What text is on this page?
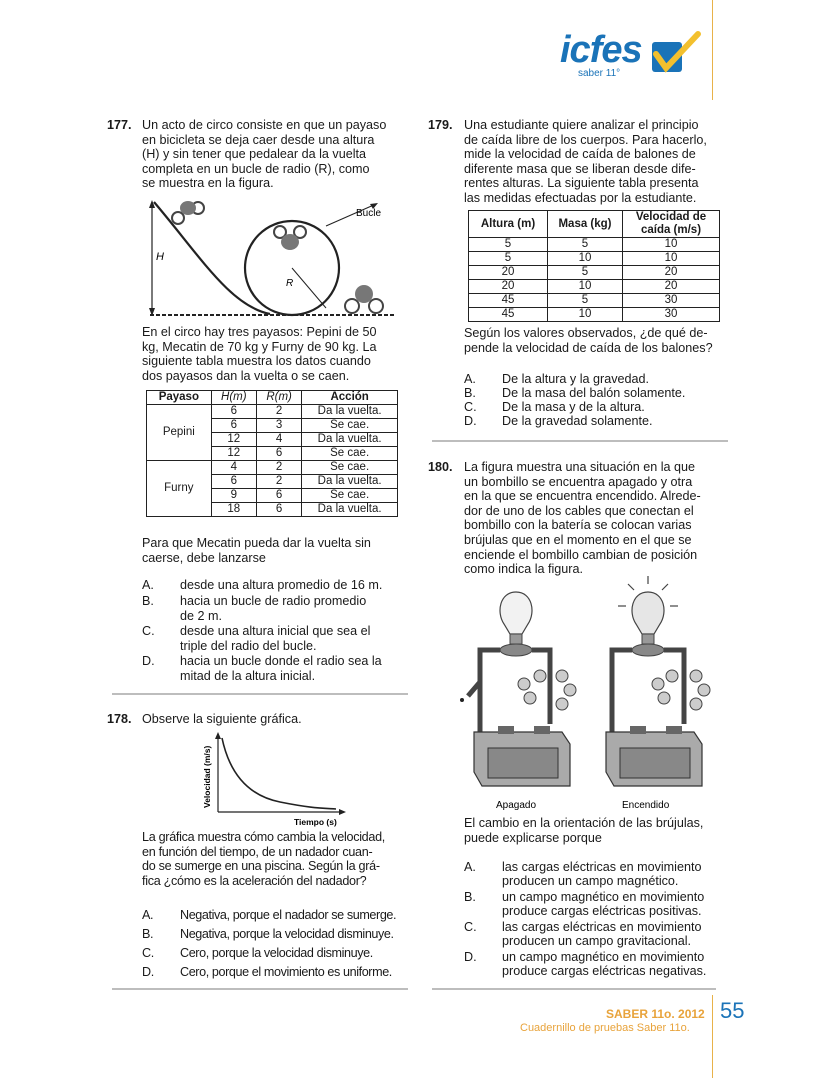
icfes
saber 11°
177. Un acto de circo consiste en que un payaso
en bicicleta se deja caer desde una altura
(H) y sin tener que pedalear da la vuelta
completa en un bucle de radio (R), como
se muestra en la figura.
H
R
Bucle
En el circo hay tres payasos: Pepini de 50
kg, Mecatin de 70 kg y Furny de 90 kg. La
siguiente tabla muestra los datos cuando
dos payasos dan la vuelta o se caen.
Payaso	H(m)	R(m)	Acción
Pepini	6	2	Da la vuelta.
	6	3	Se cae.
	12	4	Da la vuelta.
	12	6	Se cae.
Furny	4	2	Se cae.
	6	2	Da la vuelta.
	9	6	Se cae.
	18	6	Da la vuelta.
Para que Mecatin pueda dar la vuelta sin
caerse, debe lanzarse
A. desde una altura promedio de 16 m.
B. hacia un bucle de radio promedio
de 2 m.
C. desde una altura inicial que sea el
triple del radio del bucle.
D. hacia un bucle donde el radio sea la
mitad de la altura inicial.
178. Observe la siguiente gráfica.
Velocidad (m/s)
Tiempo (s)
La gráfica muestra cómo cambia la velocidad,
en función del tiempo, de un nadador cuan-
do se sumerge en una piscina. Según la grá-
fica ¿cómo es la aceleración del nadador?
A. Negativa, porque el nadador se sumerge.
B. Negativa, porque la velocidad disminuye.
C. Cero, porque la velocidad disminuye.
D. Cero, porque el movimiento es uniforme.
179. Una estudiante quiere analizar el principio
de caída libre de los cuerpos. Para hacerlo,
mide la velocidad de caída de balones de
diferente masa que se liberan desde dife-
rentes alturas. La siguiente tabla presenta
las medidas efectuadas por la estudiante.
Altura (m)	Masa (kg)	Velocidad de caída (m/s)
5	5	10
5	10	10
20	5	20
20	10	20
45	5	30
45	10	30
Según los valores observados, ¿de qué de-
pende la velocidad de caída de los balones?
A. De la altura y la gravedad.
B. De la masa del balón solamente.
C. De la masa y de la altura.
D. De la gravedad solamente.
180. La figura muestra una situación en la que
un bombillo se encuentra apagado y otra
en la que se encuentra encendido. Alrede-
dor de uno de los cables que conectan el
bombillo con la batería se colocan varias
brújulas que en el momento en el que se
enciende el bombillo cambian de posición
como indica la figura.
Apagado	Encendido
El cambio en la orientación de las brújulas,
puede explicarse porque
A. las cargas eléctricas en movimiento
producen un campo magnético.
B. un campo magnético en movimiento
produce cargas eléctricas positivas.
C. las cargas eléctricas en movimiento
producen un campo gravitacional.
D. un campo magnético en movimiento
produce cargas eléctricas negativas.
SABER 11o. 2012
Cuadernillo de pruebas Saber 11o.
55
